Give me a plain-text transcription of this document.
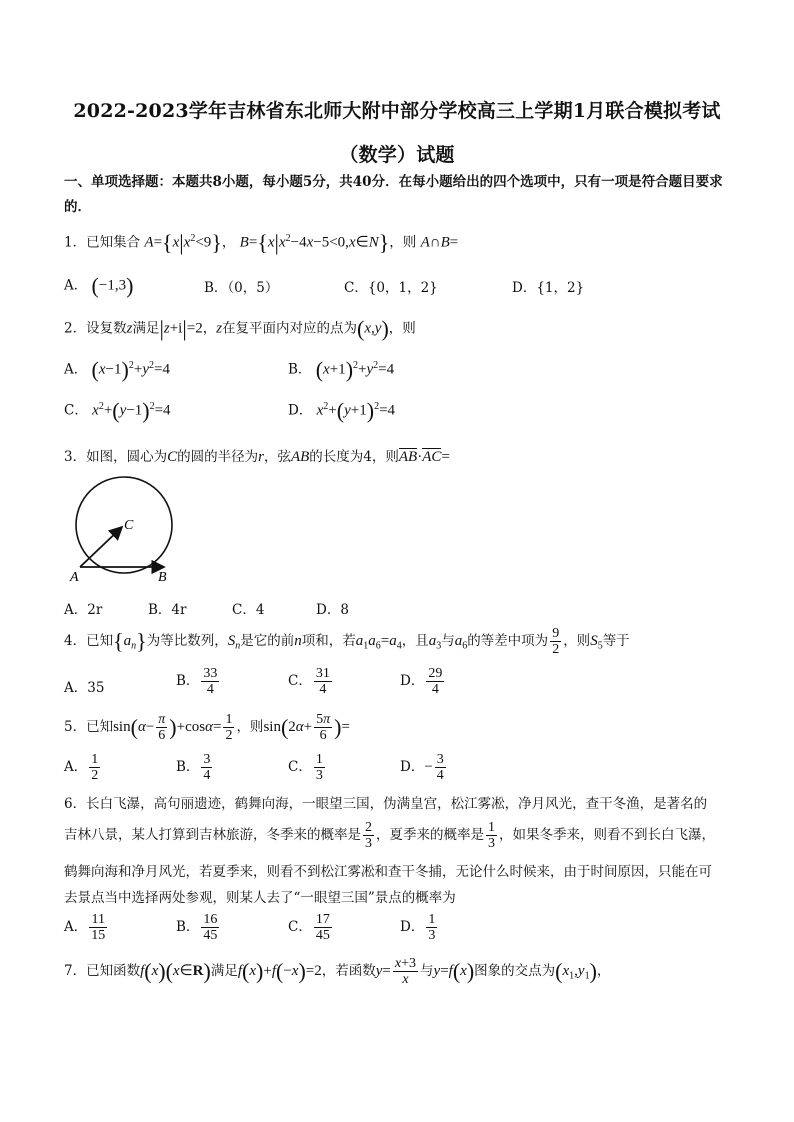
2022-2023学年吉林省东北师大附中部分学校高三上学期1月联合模拟考试
（数学）试题
一、单项选择题：本题共8小题，每小题5分，共40分．在每小题给出的四个选项中，只有一项是符合题目要求的．
1．已知集合 $A=\{x|x^2<9\}$， $B=\{x|x^2-4x-5<0,x\in N\}$，则 A∩B=
A． (−1,3)	B．（0，5）	C．{0，1，2}	D．{1，2}
2．设复数z满足|z+i|=2，z在复平面内对应的点为(x,y)，则
A． $(x-1)^2+y^2=4$	B． $(x+1)^2+y^2=4$
C． $x^2+(y-1)^2=4$	D． $x^2+(y+1)^2=4$
3．如图，圆心为C的圆的半径为r，弦AB的长度为4，则AB·AC=
A	B
C
A．2r	B．4r	C．4	D．8
4．已知$\{a_n\}$为等比数列，$S_n$是它的前n项和，若$a_1a_6=a_4$，且$a_3$与$a_6$的等差中项为 $\frac{9}{2}$ ，则$S_5$等于
A．35	B． $\frac{33}{4}$	C． $\frac{31}{4}$	D． $\frac{29}{4}$
5．已知$\sin(\alpha- \frac{\pi}{6} )+\cos\alpha= \frac{1}{2}$ ，则$\sin(2\alpha+ \frac{5\pi}{6}$ )=
A． $\frac{1}{2}$	B． $\frac{3}{4}$	C． $\frac{1}{3}$	D．− $\frac{3}{4}$
6．长白飞瀑，高句丽遗迹，鹤舞向海，一眼望三国，伪满皇宫，松江雾凇，净月风光，查干冬渔，是著名的
吉林八景，某人打算到吉林旅游，冬季来的概率是 $\frac{2}{3}$ ，夏季来的概率是 $\frac{1}{3}$ ，如果冬季来，则看不到长白飞瀑，
鹤舞向海和净月风光，若夏季来，则看不到松江雾凇和查干冬捕，无论什么时候来，由于时间原因，只能在可
去景点当中选择两处参观，则某人去了“一眼望三国”景点的概率为
A． $\frac{11}{15}$	B． $\frac{16}{45}$	C． $\frac{17}{45}$	D． $\frac{1}{3}$
7．已知函数f(x)(x∈R)满足f(x)+f(−x)=2，若函数$y= \frac{x+3}{x}$ 与y=f(x)图象的交点为$(x_1,y_1)$，
